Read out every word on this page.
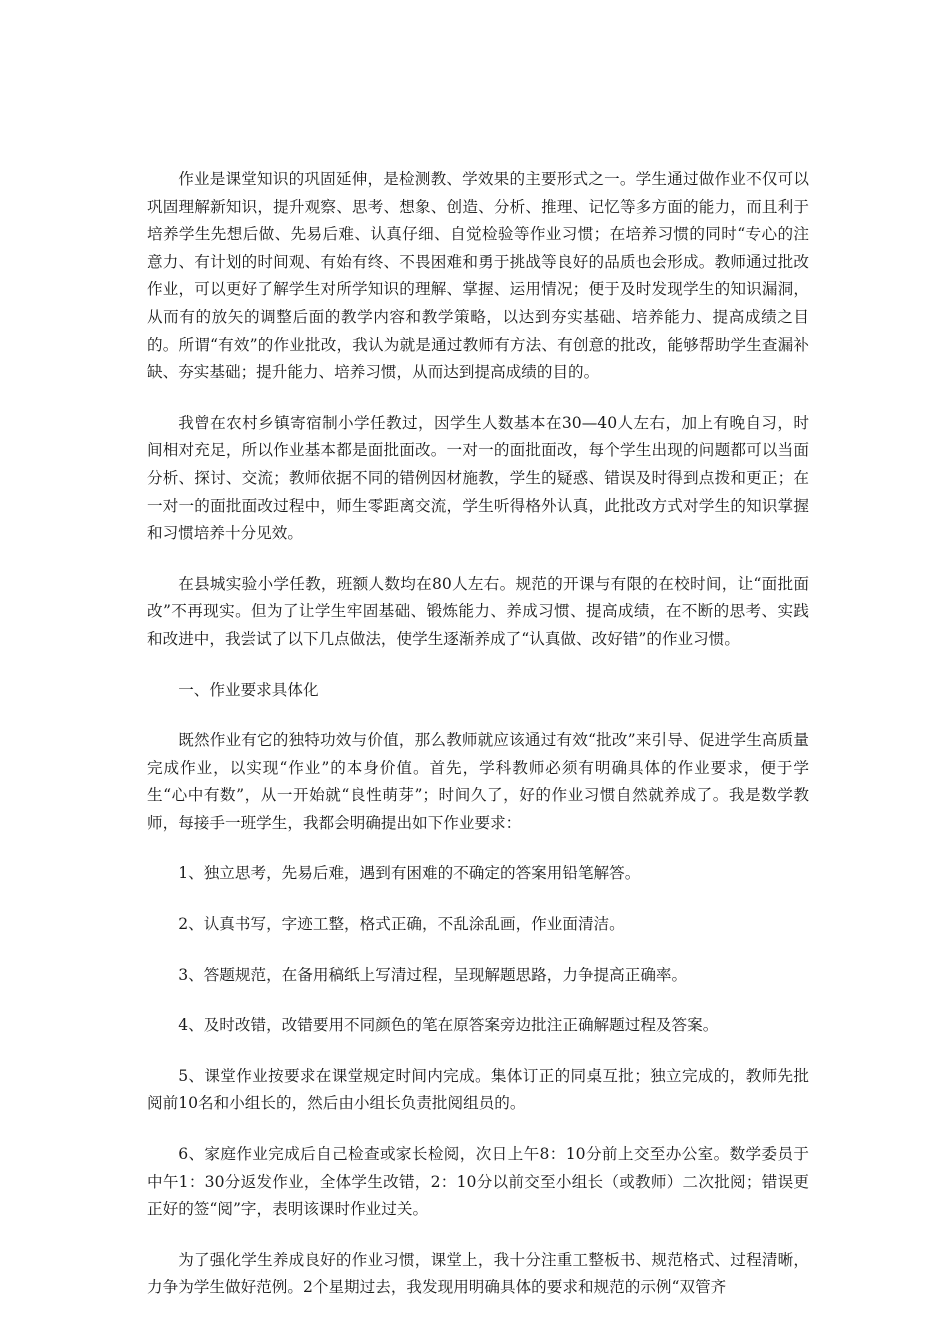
作业是课堂知识的巩固延伸，是检测教、学效果的主要形式之一。学生通过做作业不仅可以巩固理解新知识，提升观察、思考、想象、创造、分析、推理、记忆等多方面的能力，而且利于培养学生先想后做、先易后难、认真仔细、自觉检验等作业习惯；在培养习惯的同时“专心的注意力、有计划的时间观、有始有终、不畏困难和勇于挑战等良好的品质也会形成。教师通过批改作业，可以更好了解学生对所学知识的理解、掌握、运用情况；便于及时发现学生的知识漏洞，从而有的放矢的调整后面的教学内容和教学策略，以达到夯实基础、培养能力、提高成绩之目的。所谓“有效”的作业批改，我认为就是通过教师有方法、有创意的批改，能够帮助学生查漏补缺、夯实基础；提升能力、培养习惯，从而达到提高成绩的目的。

我曾在农村乡镇寄宿制小学任教过，因学生人数基本在30—40人左右，加上有晚自习，时间相对充足，所以作业基本都是面批面改。一对一的面批面改，每个学生出现的问题都可以当面分析、探讨、交流；教师依据不同的错例因材施教，学生的疑惑、错误及时得到点拨和更正；在一对一的面批面改过程中，师生零距离交流，学生听得格外认真，此批改方式对学生的知识掌握和习惯培养十分见效。

在县城实验小学任教，班额人数均在80人左右。规范的开课与有限的在校时间，让“面批面改”不再现实。但为了让学生牢固基础、锻炼能力、养成习惯、提高成绩，在不断的思考、实践和改进中，我尝试了以下几点做法，使学生逐渐养成了“认真做、改好错”的作业习惯。

一、作业要求具体化

既然作业有它的独特功效与价值，那么教师就应该通过有效“批改”来引导、促进学生高质量完成作业，以实现“作业”的本身价值。首先，学科教师必须有明确具体的作业要求，便于学生“心中有数”，从一开始就“良性萌芽”；时间久了，好的作业习惯自然就养成了。我是数学教师，每接手一班学生，我都会明确提出如下作业要求：

1、独立思考，先易后难，遇到有困难的不确定的答案用铅笔解答。

2、认真书写，字迹工整，格式正确，不乱涂乱画，作业面清洁。

3、答题规范，在备用稿纸上写清过程，呈现解题思路，力争提高正确率。

4、及时改错，改错要用不同颜色的笔在原答案旁边批注正确解题过程及答案。

5、课堂作业按要求在课堂规定时间内完成。集体订正的同桌互批；独立完成的，教师先批阅前10名和小组长的，然后由小组长负责批阅组员的。

6、家庭作业完成后自己检查或家长检阅，次日上午8：10分前上交至办公室。数学委员于中午1：30分返发作业，全体学生改错，2：10分以前交至小组长（或教师）二次批阅；错误更正好的签“阅”字，表明该课时作业过关。

为了强化学生养成良好的作业习惯，课堂上，我十分注重工整板书、规范格式、过程清晰，力争为学生做好范例。2个星期过去，我发现用明确具体的要求和规范的示例“双管齐
